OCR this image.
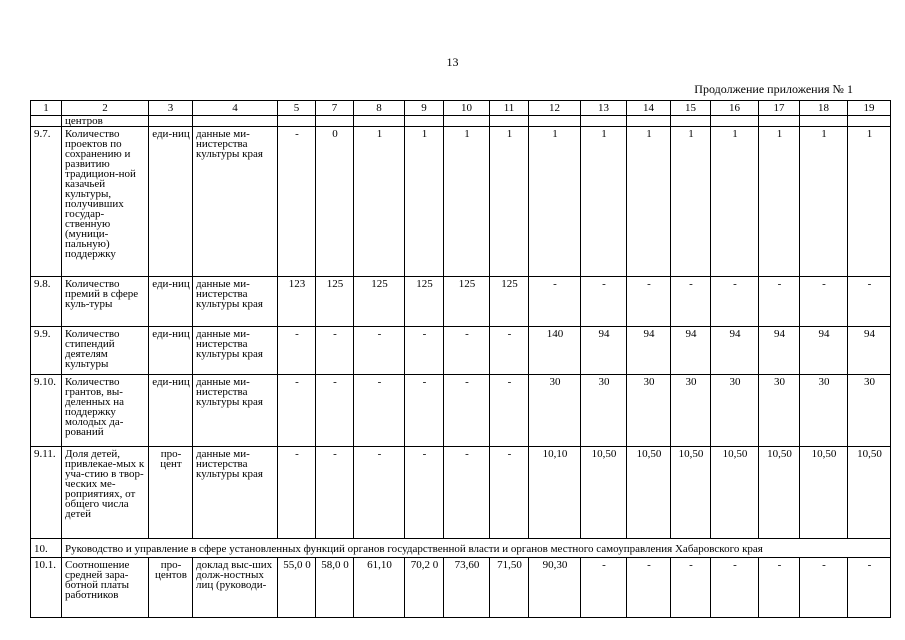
13
Продолжение приложения № 1
1	2	3	4	5	7	8	9	10	11	12	13	14	15	16	17	18	19
	центров																
9.7.	Количество проектов по сохранению и развитию традицион-ной казачьей культуры, получивших государ-ственную (муници-пальную) поддержку	еди-ниц	данные ми-нистерства культуры края	-	0	1	1	1	1	1	1	1	1	1	1	1	1
9.8.	Количество премий в сфере куль-туры	еди-ниц	данные ми-нистерства культуры края	123	125	125	125	125	125	-	-	-	-	-	-	-	-
9.9.	Количество стипендий деятелям культуры	еди-ниц	данные ми-нистерства культуры края	-	-	-	-	-	-	140	94	94	94	94	94	94	94
9.10.	Количество грантов, вы-деленных на поддержку молодых да-рований	еди-ниц	данные ми-нистерства культуры края	-	-	-	-	-	-	30	30	30	30	30	30	30	30
9.11.	Доля детей, привлекае-мых к уча-стию в твор-ческих ме-роприятиях, от общего числа детей	про-цент	данные ми-нистерства культуры края	-	-	-	-	-	-	10,10	10,50	10,50	10,50	10,50	10,50	10,50	10,50
10.	Руководство и управление в сфере установленных функций органов государственной власти и органов местного самоуправления Хабаровского края																
10.1.	Соотношение средней зара-ботной платы работников	про-центов	доклад выс-ших долж-ностных лиц (руководи-	55,0 0	58,0 0	61,10	70,2 0	73,60	71,50	90,30	-	-	-	-	-	-	-
